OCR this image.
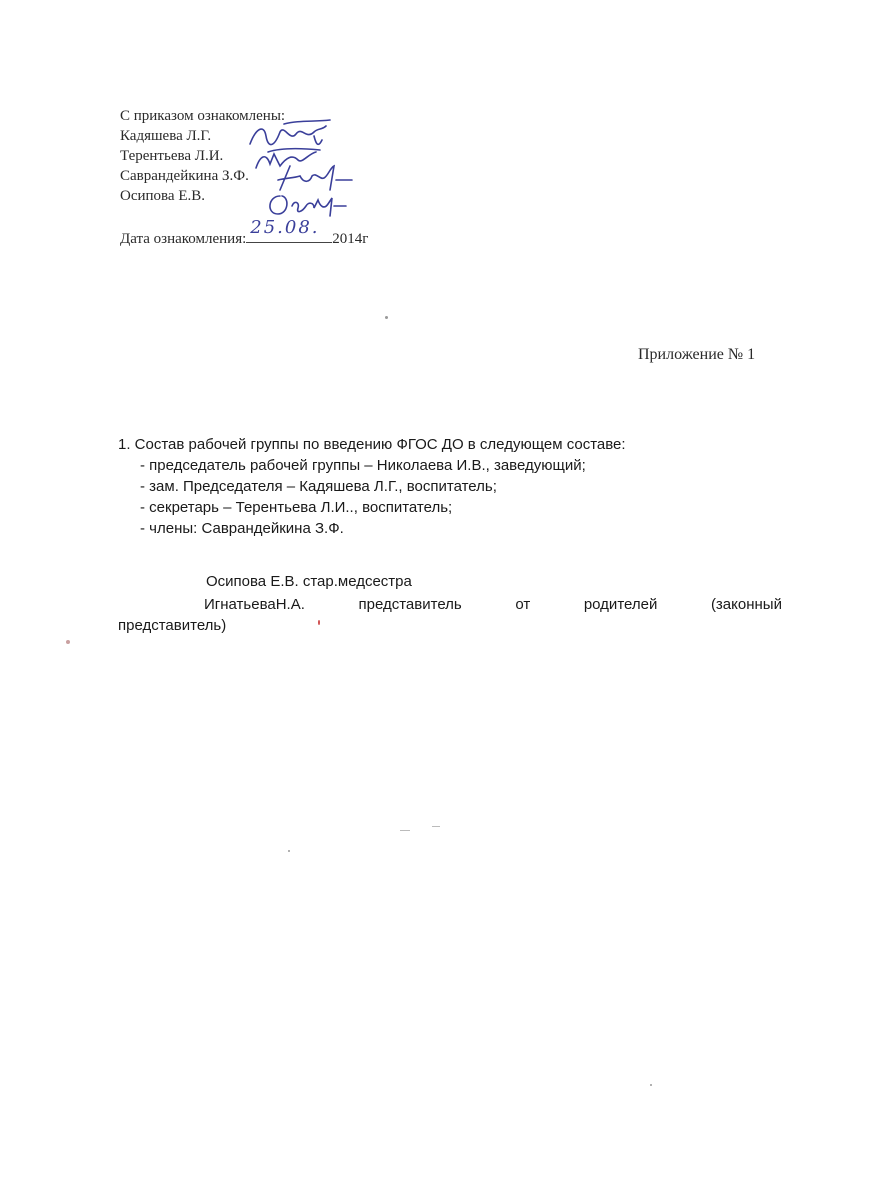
С приказом ознакомлены:
Кадяшева Л.Г.
Терентьева Л.И.
Саврандейкина З.Ф.
Осипова Е.В.
Дата ознакомления:
25.08.
2014г
Приложение № 1
1. Состав рабочей группы по введению ФГОС ДО в следующем составе:
- председатель рабочей группы – Николаева И.В., заведующий;
- зам. Председателя – Кадяшева Л.Г., воспитатель;
- секретарь – Терентьева Л.И.., воспитатель;
- члены: Саврандейкина З.Ф.
Осипова Е.В. стар.медсестра
ИгнатьеваН.А.	представитель	от	родителей	(законный
представитель)
